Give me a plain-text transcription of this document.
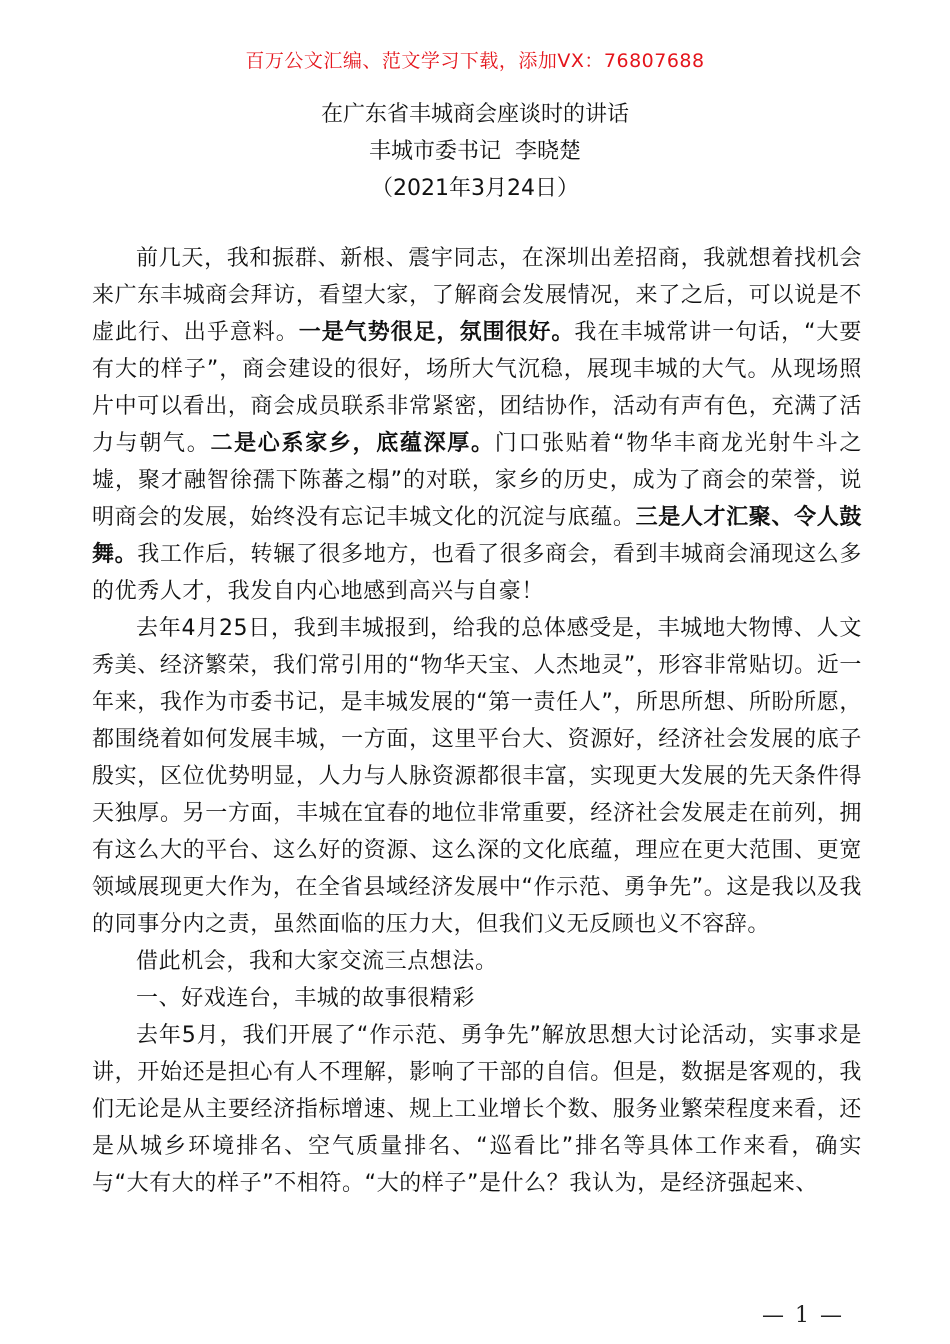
百万公文汇编、范文学习下载，添加VX：76807688
在广东省丰城商会座谈时的讲话
丰城市委书记  李晓楚
（2021年3月24日）

前几天，我和振群、新根、震宇同志，在深圳出差招商，我就想着找机会来广东丰城商会拜访，看望大家，了解商会发展情况，来了之后，可以说是不虚此行、出乎意料。一是气势很足，氛围很好。我在丰城常讲一句话，“大要有大的样子”，商会建设的很好，场所大气沉稳，展现丰城的大气。从现场照片中可以看出，商会成员联系非常紧密，团结协作，活动有声有色，充满了活力与朝气。二是心系家乡，底蕴深厚。门口张贴着“物华丰商龙光射牛斗之墟，聚才融智徐孺下陈蕃之榻”的对联，家乡的历史，成为了商会的荣誉，说明商会的发展，始终没有忘记丰城文化的沉淀与底蕴。三是人才汇聚、令人鼓舞。我工作后，转辗了很多地方，也看了很多商会，看到丰城商会涌现这么多的优秀人才，我发自内心地感到高兴与自豪！

去年4月25日，我到丰城报到，给我的总体感受是，丰城地大物博、人文秀美、经济繁荣，我们常引用的“物华天宝、人杰地灵”，形容非常贴切。近一年来，我作为市委书记，是丰城发展的“第一责任人”，所思所想、所盼所愿，都围绕着如何发展丰城，一方面，这里平台大、资源好，经济社会发展的底子殷实，区位优势明显，人力与人脉资源都很丰富，实现更大发展的先天条件得天独厚。另一方面，丰城在宜春的地位非常重要，经济社会发展走在前列，拥有这么大的平台、这么好的资源、这么深的文化底蕴，理应在更大范围、更宽领域展现更大作为，在全省县域经济发展中“作示范、勇争先”。这是我以及我的同事分内之责，虽然面临的压力大，但我们义无反顾也义不容辞。

借此机会，我和大家交流三点想法。

一、好戏连台，丰城的故事很精彩

去年5月，我们开展了“作示范、勇争先”解放思想大讨论活动，实事求是讲，开始还是担心有人不理解，影响了干部的自信。但是，数据是客观的，我们无论是从主要经济指标增速、规上工业增长个数、服务业繁荣程度来看，还是从城乡环境排名、空气质量排名、“巡看比”排名等具体工作来看，确实与“大有大的样子”不相符。“大的样子”是什么？我认为，是经济强起来、

— 1 —
